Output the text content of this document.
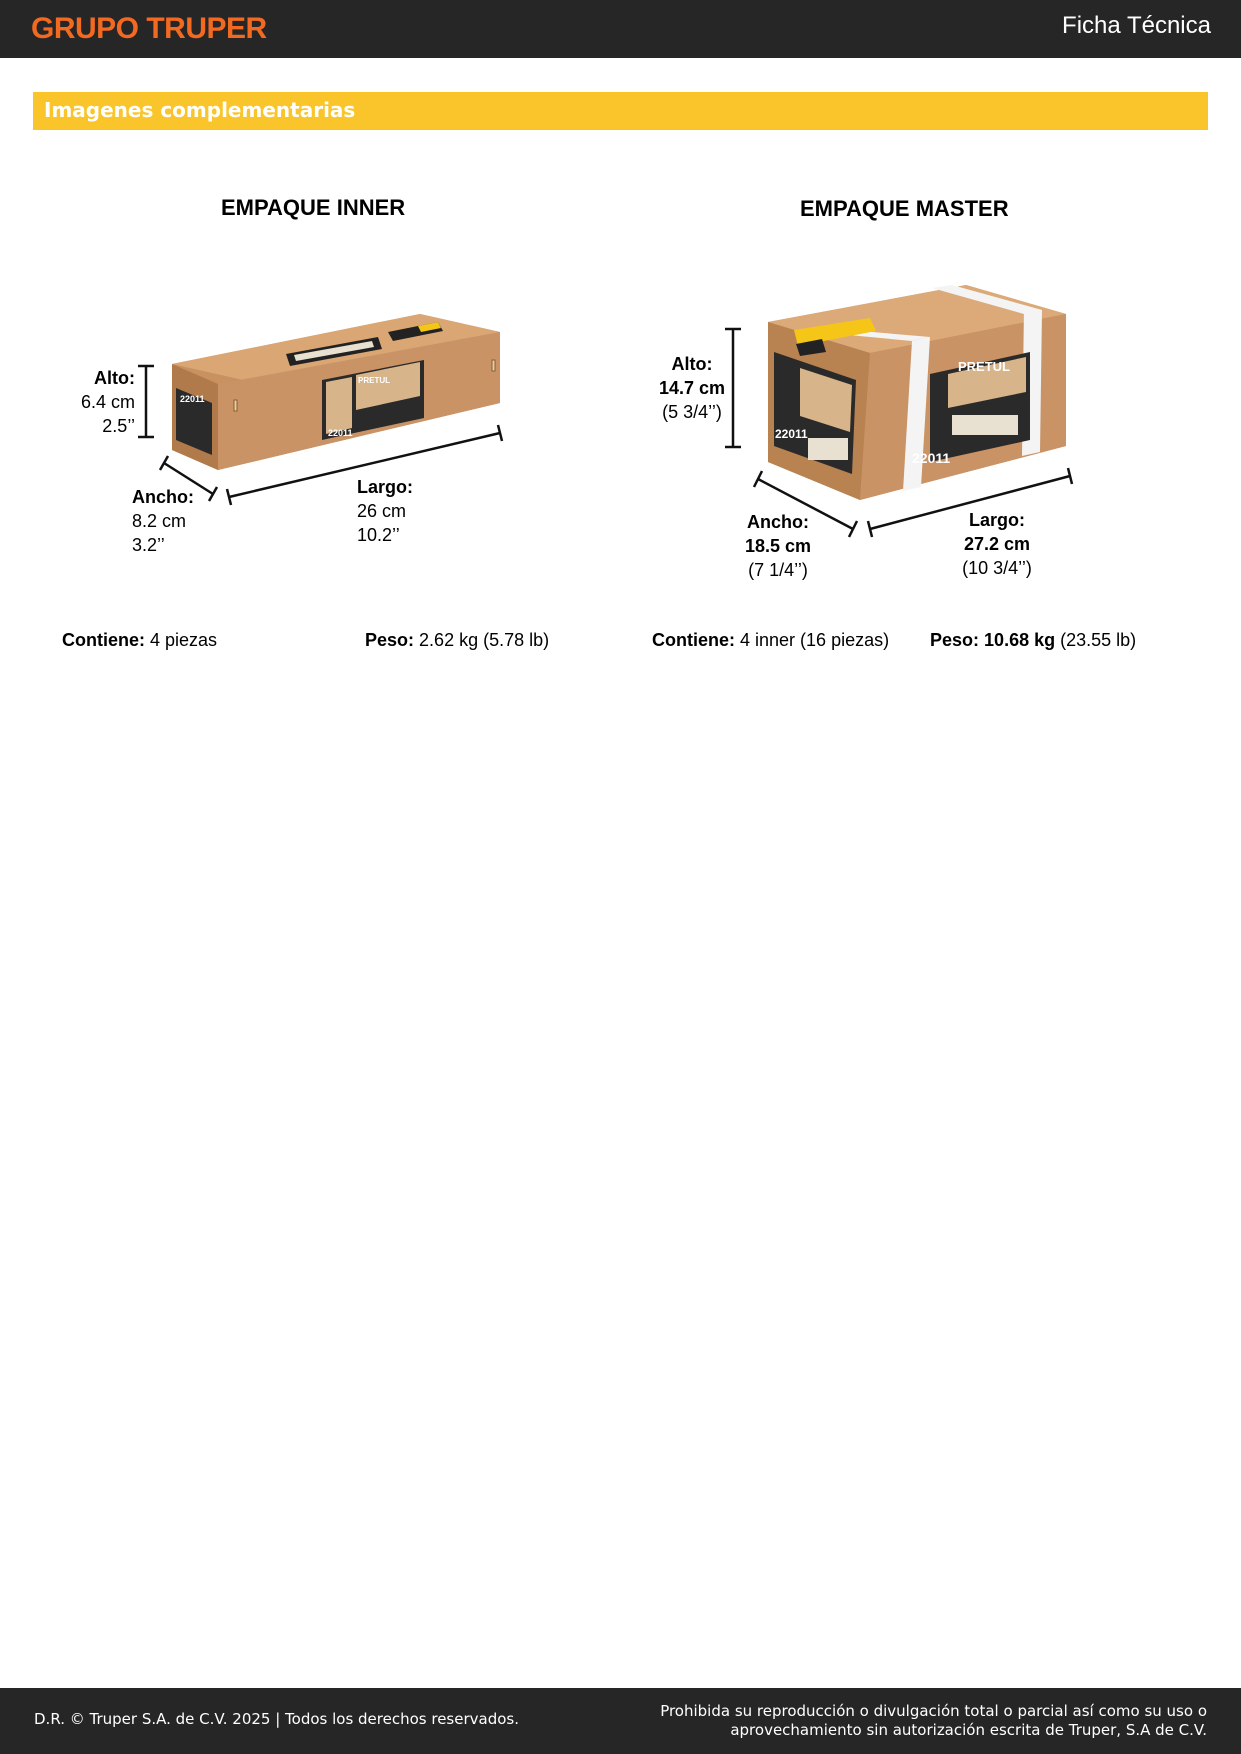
GRUPO TRUPER	Ficha Técnica
Imagenes complementarias
EMPAQUE INNER
PRETUL
22011
22011
Alto:
6.4 cm
2.5’’
Ancho:
8.2 cm
3.2’’
Largo:
26 cm
10.2’’
EMPAQUE MASTER
PRETUL
22011
22011
Alto:
14.7 cm
(5 3/4’’)
Ancho:
18.5 cm
(7 1/4’’)
Largo:
27.2 cm
(10 3/4’’)
Contiene: 4 piezas	Peso: 2.62 kg (5.78 lb)	Contiene: 4 inner (16 piezas) Peso: 10.68 kg (23.55 lb)
D.R. © Truper S.A. de C.V. 2025 | Todos los derechos reservados.	Prohibida su reproducción o divulgación total o parcial así como su uso o aprovechamiento sin autorización escrita de Truper, S.A de C.V.
